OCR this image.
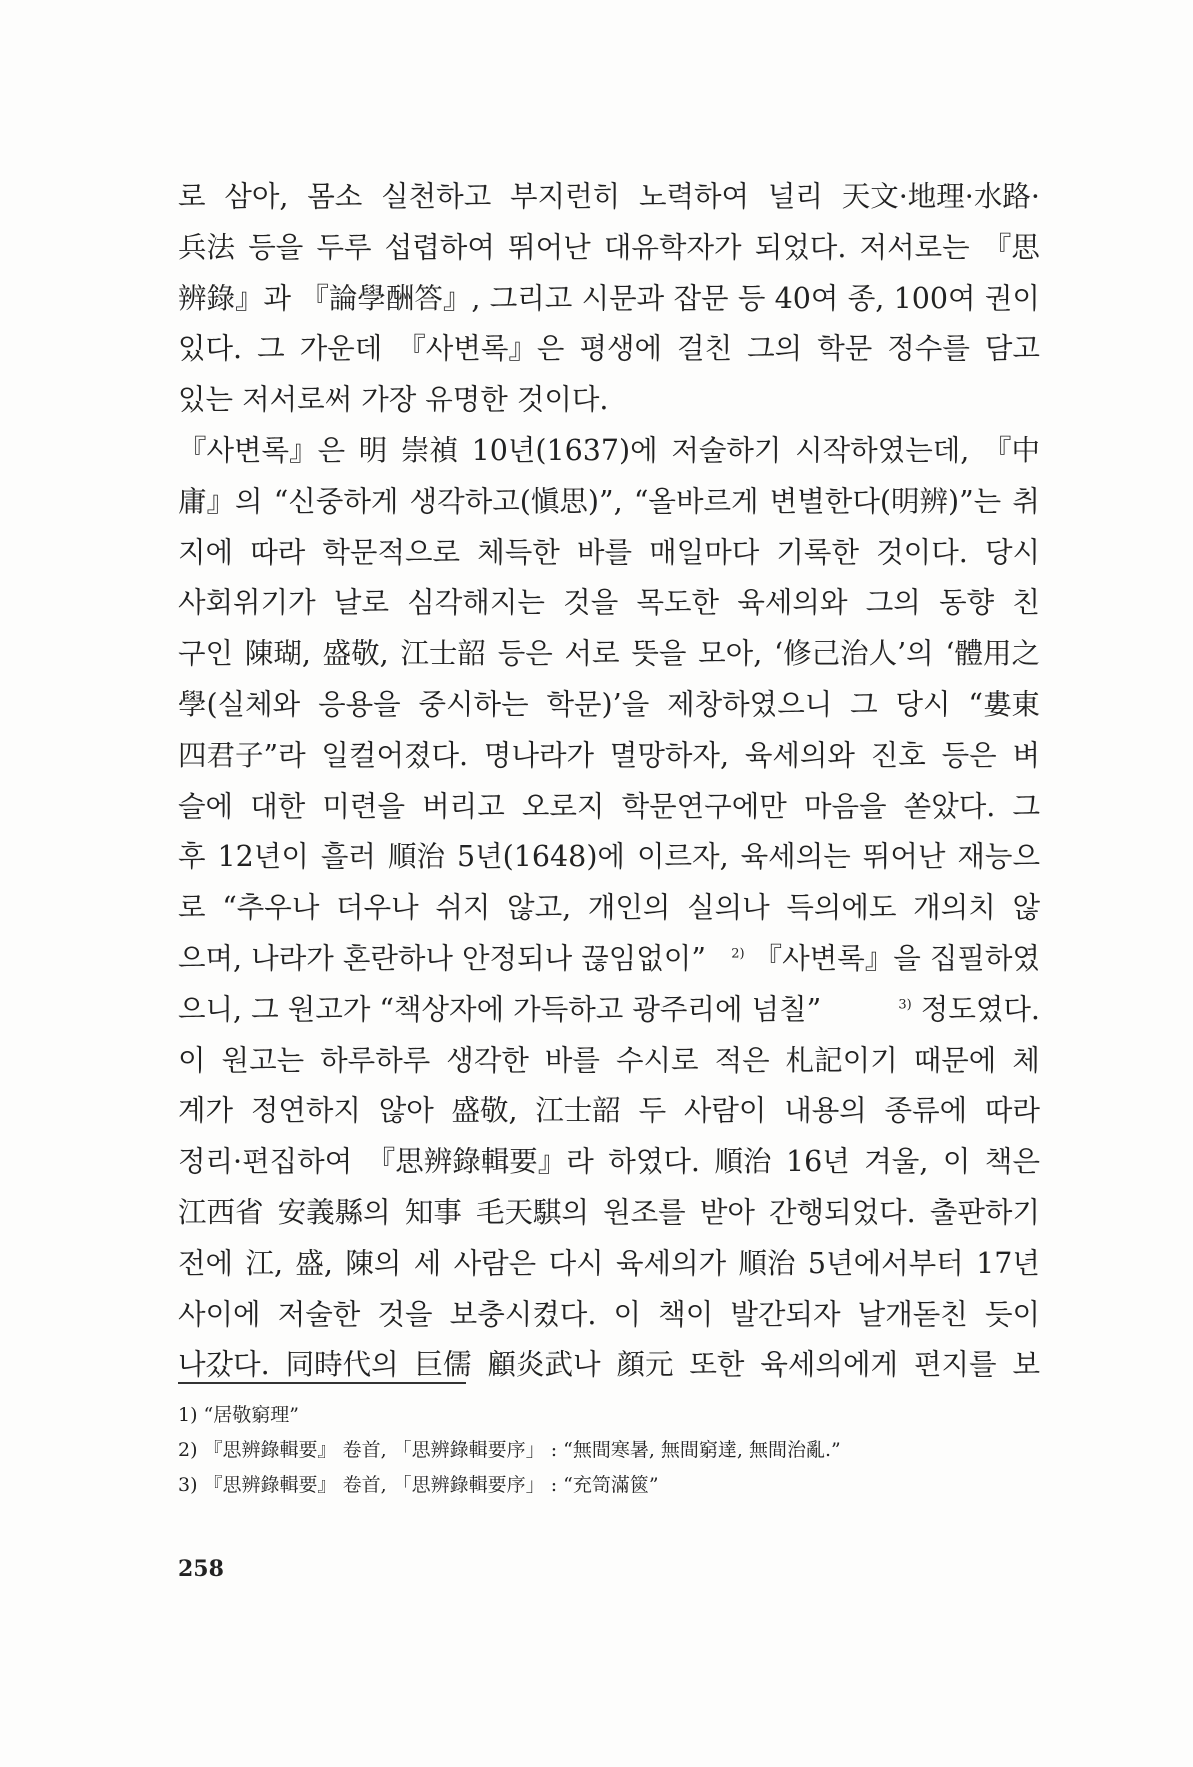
로 삼아, 몸소 실천하고 부지런히 노력하여 널리 天文·地理·水路·
兵法 등을 두루 섭렵하여 뛰어난 대유학자가 되었다. 저서로는 『思
辨錄』과 『論學酬答』, 그리고 시문과 잡문 등 40여 종, 100여 권이
있다. 그 가운데 『사변록』은 평생에 걸친 그의 학문 정수를 담고
있는 저서로써 가장 유명한 것이다.
『사변록』은 明 崇禎 10년(1637)에 저술하기 시작하였는데, 『中
庸』의 “신중하게 생각하고(愼思)”, “올바르게 변별한다(明辨)”는 취
지에 따라 학문적으로 체득한 바를 매일마다 기록한 것이다. 당시
사회위기가 날로 심각해지는 것을 목도한 육세의와 그의 동향 친
구인 陳瑚, 盛敬, 江士韶 등은 서로 뜻을 모아, ‘修己治人’의 ‘體用之
學(실체와 응용을 중시하는 학문)’을 제창하였으니 그 당시 “婁東
四君子”라 일컬어졌다. 명나라가 멸망하자, 육세의와 진호 등은 벼
슬에 대한 미련을 버리고 오로지 학문연구에만 마음을 쏟았다. 그
후 12년이 흘러 順治 5년(1648)에 이르자, 육세의는 뛰어난 재능으
로 “추우나 더우나 쉬지 않고, 개인의 실의나 득의에도 개의치 않
으며, 나라가 혼란하나 안정되나 끊임없이” $^{2)}$ 『사변록』을 집필하였
으니, 그 원고가 “책상자에 가득하고 광주리에 넘칠”	$^{3)}$ 정도였다.
이 원고는 하루하루 생각한 바를 수시로 적은 札記이기 때문에 체
계가 정연하지 않아 盛敬, 江士韶 두 사람이 내용의 종류에 따라
정리·편집하여 『思辨錄輯要』라 하였다. 順治 16년 겨울, 이 책은
江西省 安義縣의 知事 毛天騏의 원조를 받아 간행되었다. 출판하기
전에 江, 盛, 陳의 세 사람은 다시 육세의가 順治 5년에서부터 17년
사이에 저술한 것을 보충시켰다. 이 책이 발간되자 날개돋친 듯이
나갔다. 同時代의 巨儒 顧炎武나 顔元 또한 육세의에게 편지를 보
1) “居敬窮理”
2) 『思辨錄輯要』 卷首, 「思辨錄輯要序」 : “無間寒暑, 無間窮達, 無間治亂.”
3) 『思辨錄輯要』 卷首, 「思辨錄輯要序」 : “充笥滿篋”
258
